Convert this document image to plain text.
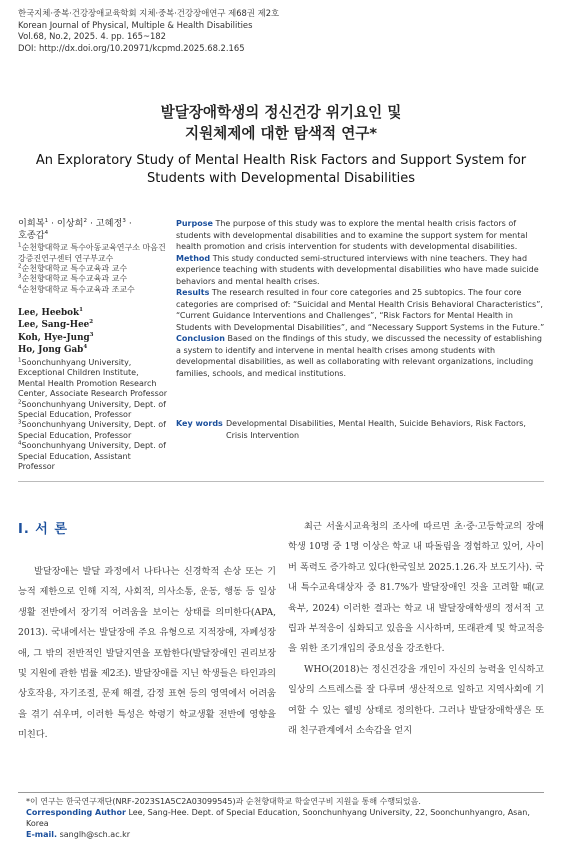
한국지체·중복·건강장애교육학회 지체·중복·건강장애연구 제68권 제2호
Korean Journal of Physical, Multiple & Health Disabilities
Vol.68, No.2, 2025. 4. pp. 165~182
DOI: http://dx.doi.org/10.20971/kcpmd.2025.68.2.165
발달장애학생의 정신건강 위기요인 및
지원체제에 대한 탐색적 연구*
An Exploratory Study of Mental Health Risk Factors and Support System for
Students with Developmental Disabilities
이희복$^1$ · 이상희$^2$ · 고혜정$^3$ ·
호종갑$^4$
$^1$순천향대학교 특수아동교육연구소 마음건강증진연구센터 연구부교수
$^2$순천향대학교 특수교육과 교수
$^3$순천향대학교 특수교육과 교수
$^4$순천향대학교 특수교육과 조교수
Lee, Heebok$^1$
Lee, Sang-Hee$^2$
Koh, Hye-Jung$^3$
Ho, Jong Gab$^4$
$^1$Soonchunhyang University, Exceptional Children Institute, Mental Health Promotion Research Center, Associate Research Professor
$^2$Soonchunhyang University, Dept. of Special Education, Professor
$^3$Soonchunhyang University, Dept. of Special Education, Professor
$^4$Soonchunhyang University, Dept. of Special Education, Assistant Professor

Purpose The purpose of this study was to explore the mental health crisis factors of students with developmental disabilities and to examine the support system for mental health promotion and crisis intervention for students with developmental disabilities.

Method This study conducted semi-structured interviews with nine teachers. They had experience teaching with students with developmental disabilities who have made suicide behaviors and mental health crises.

Results The research resulted in four core categories and 25 subtopics. The four core categories are comprised of: “Suicidal and Mental Health Crisis Behavioral Characteristics”, “Current Guidance Interventions and Challenges”, “Risk Factors for Mental Health in Students with Developmental Disabilities”, and “Necessary Support Systems in the Future.”

Conclusion Based on the findings of this study, we discussed the necessity of establishing a system to identify and intervene in mental health crises among students with developmental disabilities, as well as collaborating with relevant organizations, including families, schools, and medical institutions.

Key words Developmental Disabilities, Mental Health, Suicide Behaviors, Risk Factors, Crisis Intervention
Ⅰ. 서 론

발달장애는 발달 과정에서 나타나는 신경학적 손상 또는 기능적 제한으로 인해 지적, 사회적, 의사소통, 운동, 행동 등 일상생활 전반에서 장기적 어려움을 보이는 상태를 의미한다(APA, 2013). 국내에서는 발달장애 주요 유형으로 지적장애, 자폐성장애, 그 밖의 전반적인 발달지연을 포함한다(발달장애인 권리보장 및 지원에 관한 법률 제2조). 발달장애를 지닌 학생들은 타인과의 상호작용, 자기조절, 문제 해결, 감정 표현 등의 영역에서 어려움을 겪기 쉬우며, 이러한 특성은 학령기 학교생활 전반에 영향을 미친다.

최근 서울시교육청의 조사에 따르면 초·중·고등학교의 장애학생 10명 중 1명 이상은 학교 내 따돌림을 경험하고 있어, 사이버 폭력도 증가하고 있다(한국일보 2025.1.26.자 보도기사). 국내 특수교육대상자 중 81.7%가 발달장애인 것을 고려할 때(교육부, 2024) 이러한 결과는 학교 내 발달장애학생의 정서적 고립과 부적응이 심화되고 있음을 시사하며, 또래관계 및 학교적응을 위한 조기개입의 중요성을 강조한다.

WHO(2018)는 정신건강을 개인이 자신의 능력을 인식하고 일상의 스트레스를 잘 다루며 생산적으로 일하고 지역사회에 기여할 수 있는 웰빙 상태로 정의한다. 그러나 발달장애학생은 또래 친구관계에서 소속감을 얻지

*이 연구는 한국연구재단(NRF-2023S1A5C2A03099545)과 순천향대학교 학술연구비 지원을 통해 수행되었음.
Corresponding Author Lee, Sang-Hee. Dept. of Special Education, Soonchunhyang University, 22, Soonchunhyangro, Asan, Korea
E-mail. sanglh@sch.ac.kr
